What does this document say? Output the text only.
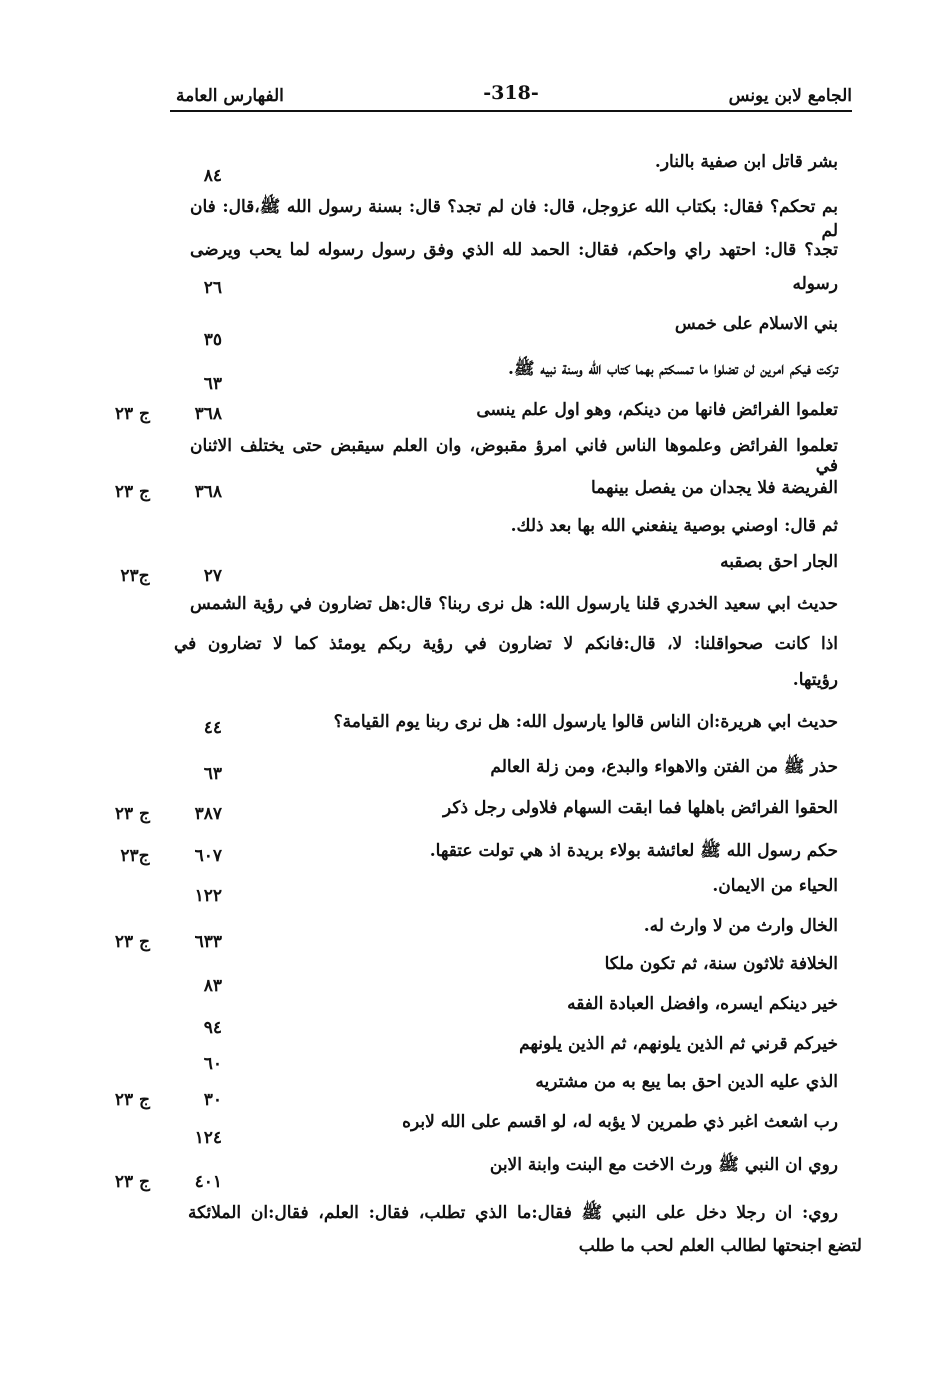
الجامع لابن يونس
-318-
الفهارس العامة
بشر قاتل ابن صفية بالنار.
بم تحكم؟ فقال: بكتاب الله عزوجل، قال: فان لم تجد؟ قال: بسنة رسول الله ﷺ،قال: فان لم
تجد؟ قال: احتهد راي واحكم، فقال: الحمد لله الذي وفق رسول رسوله لما يحب ويرضى
رسوله
بني الاسلام على خمس
تركت فيكم امرين لن تضلوا ما تمسكتم بهما كتاب الله وسنة نبيه ﷺ.
تعلموا الفرائض فانها من دينكم، وهو اول علم ينسى
تعلموا الفرائض وعلموها الناس فاني امرؤ مقبوض، وان العلم سيقبض حتى يختلف الاثنان في
الفريضة فلا يجدان من يفصل بينهما
ثم قال: اوصني بوصية ينفعني الله بها بعد ذلك.
الجار احق بصقبه
حديث ابي سعيد الخدري قلنا يارسول الله: هل نرى ربنا؟ قال:هل تضارون في رؤية الشمس
اذا كانت صحواقلنا: لا، قال:فانكم لا تضارون في رؤية ربكم يومئذ كما لا تضارون في
رؤيتها.
حديث ابي هريرة:ان الناس قالوا يارسول الله: هل نرى ربنا يوم القيامة؟
حذر ﷺ من الفتن والاهواء والبدع، ومن زلة العالم
الحقوا الفرائض باهلها فما ابقت السهام فلاولى رجل ذكر
حكم رسول الله ﷺ لعائشة بولاء بريدة اذ هي تولت عتقها.
الحياء من الايمان.
الخال وارث من لا وارث له.
الخلافة ثلاثون سنة، ثم تكون ملكا
خير دينكم ايسره، وافضل العبادة الفقه
خيركم قرني ثم الذين يلونهم، ثم الذين يلونهم
الذي عليه الدين احق بما يبع به من مشتريه
رب اشعث اغبر ذي طمرين لا يؤبه له، لو اقسم على الله لابره
روي ان النبي ﷺ ورث الاخت مع البنت وابنة الابن
روي: ان رجلا دخل على النبي ﷺ فقال:ما الذي تطلب، فقال: العلم، فقال:ان الملائكة
لتضع اجنحتها لطالب العلم لحب ما طلب
٨٤
٢٦
٣٥
٦٣
٣٦٨ج ٢٣
٣٦٨ج ٢٣
٢٧ج٢٣
٤٤
٦٣
٣٨٧ج ٢٣
٦٠٧ج٢٣
١٢٢
٦٣٣ج ٢٣
٨٣
٩٤
٦٠
٣٠ج ٢٣
١٢٤
٤٠١ج ٢٣
